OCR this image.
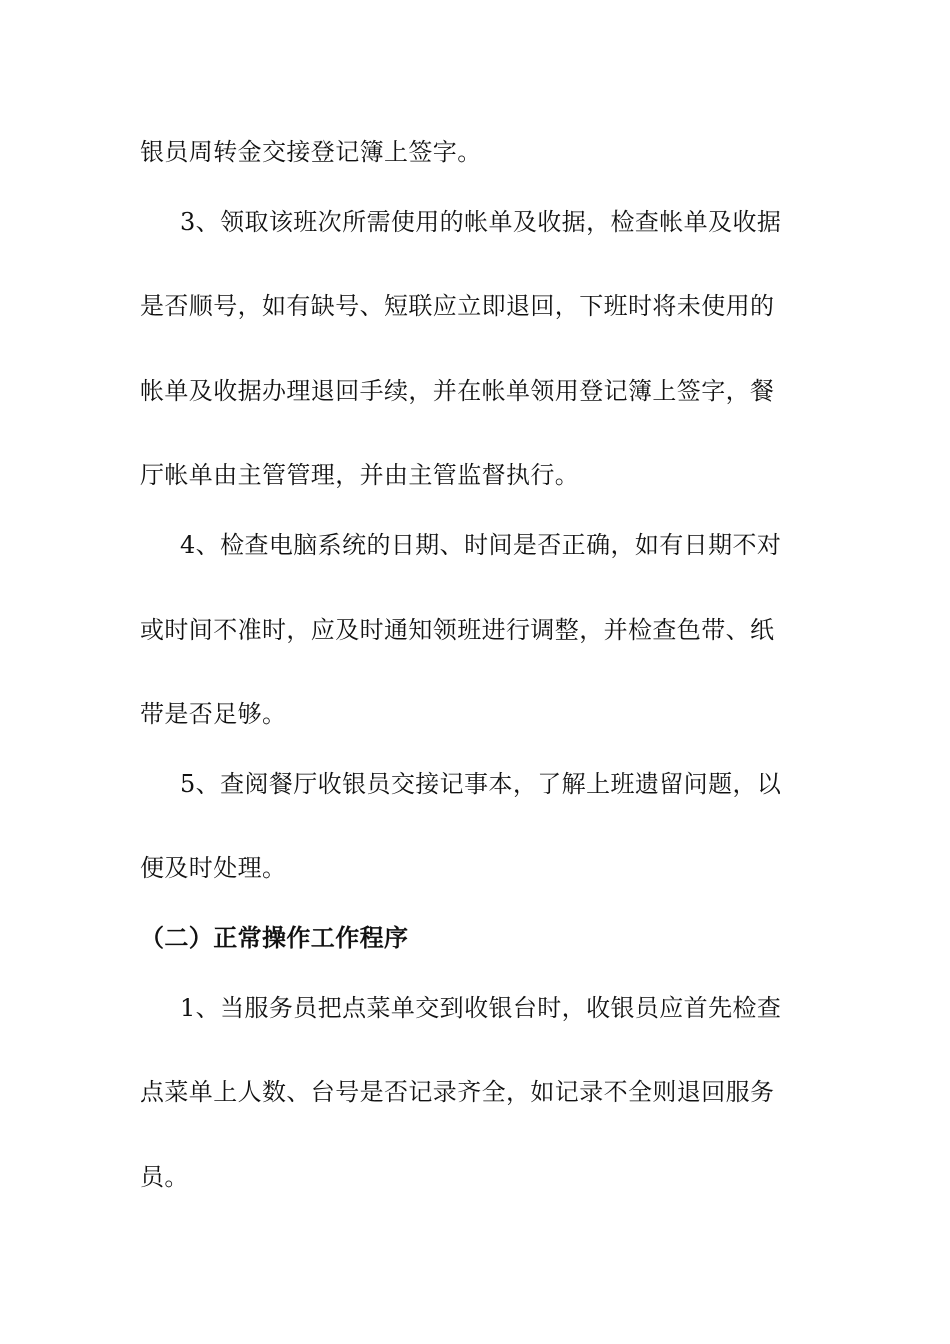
银员周转金交接登记簿上签字。
3、领取该班次所需使用的帐单及收据，检查帐单及收据
是否顺号，如有缺号、短联应立即退回，下班时将未使用的
帐单及收据办理退回手续，并在帐单领用登记簿上签字，餐
厅帐单由主管管理，并由主管监督执行。
4、检查电脑系统的日期、时间是否正确，如有日期不对
或时间不准时，应及时通知领班进行调整，并检查色带、纸
带是否足够。
5、查阅餐厅收银员交接记事本，了解上班遗留问题，以
便及时处理。
（二）正常操作工作程序
1、当服务员把点菜单交到收银台时，收银员应首先检查
点菜单上人数、台号是否记录齐全，如记录不全则退回服务
员。
